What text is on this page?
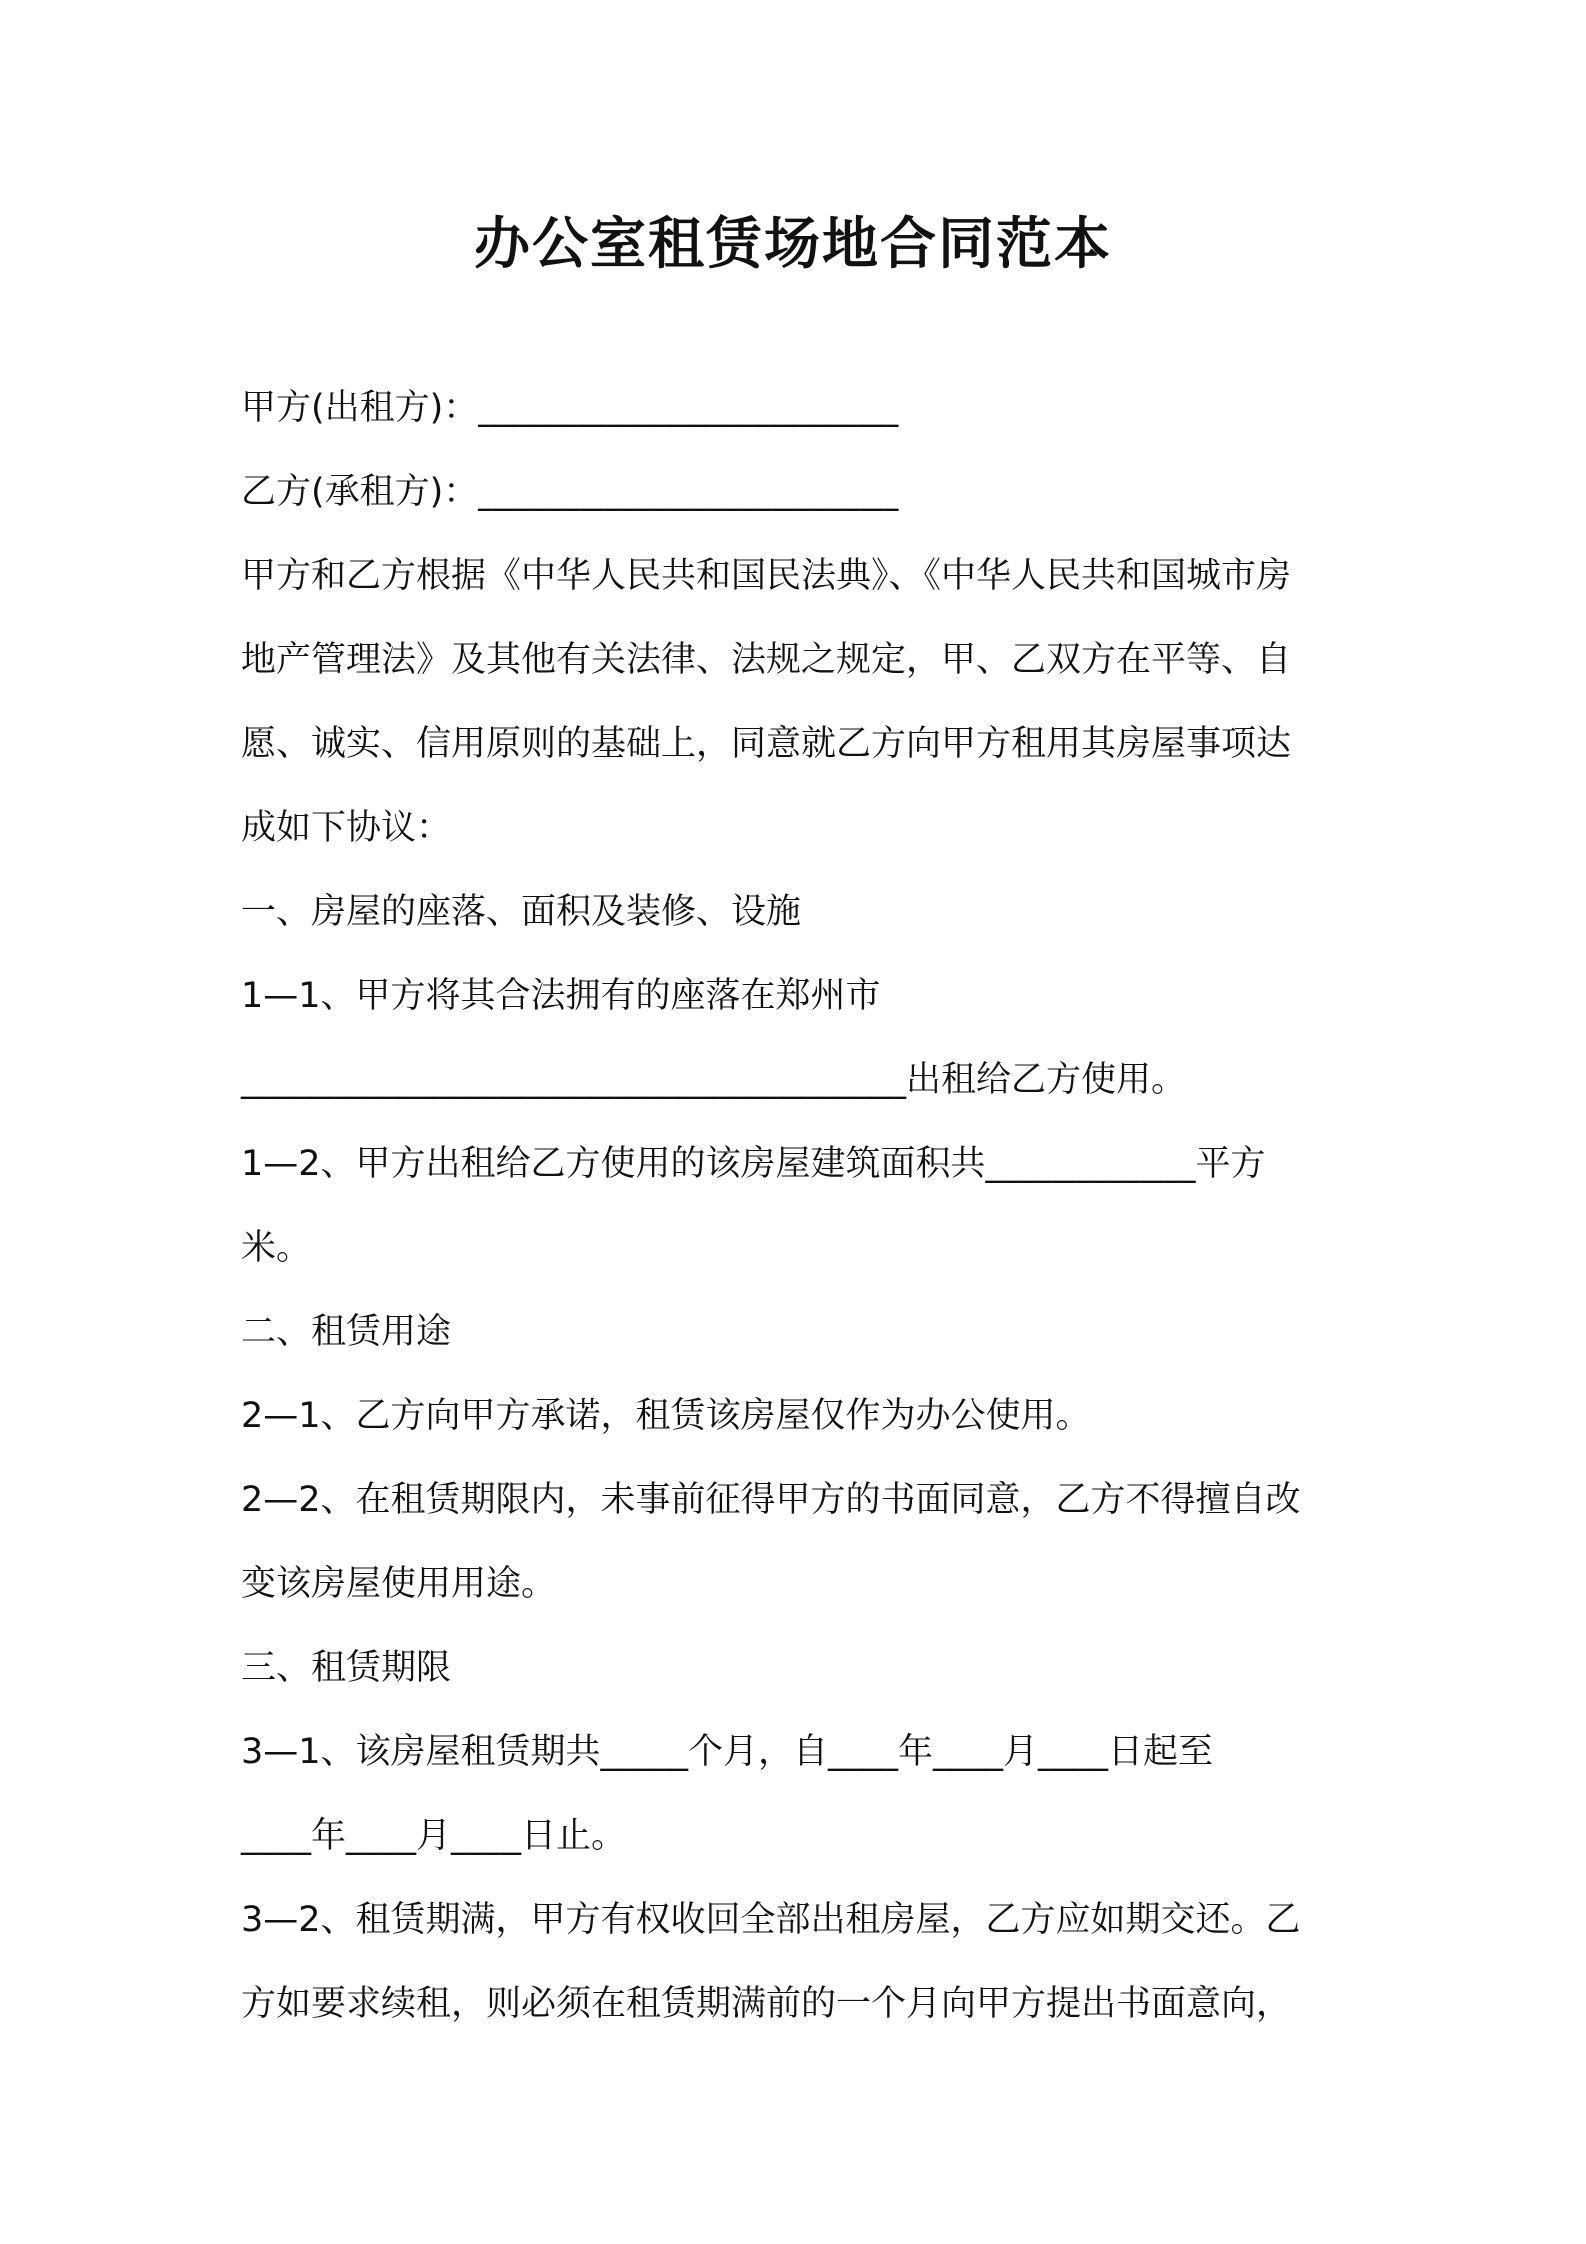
办公室租赁场地合同范本
甲方(出租方)：________________________
乙方(承租方)：________________________
甲方和乙方根据《中华人民共和国民法典》、《中华人民共和国城市房
地产管理法》及其他有关法律、法规之规定，甲、乙双方在平等、自
愿、诚实、信用原则的基础上，同意就乙方向甲方租用其房屋事项达
成如下协议：
一、房屋的座落、面积及装修、设施
1—1、甲方将其合法拥有的座落在郑州市
______________________________________出租给乙方使用。
1—2、甲方出租给乙方使用的该房屋建筑面积共____________平方
米。
二、租赁用途
2—1、乙方向甲方承诺，租赁该房屋仅作为办公使用。
2—2、在租赁期限内，未事前征得甲方的书面同意，乙方不得擅自改
变该房屋使用用途。
三、租赁期限
3—1、该房屋租赁期共_____个月，自____年____月____日起至
____年____月____日止。
3—2、租赁期满，甲方有权收回全部出租房屋，乙方应如期交还。乙
方如要求续租，则必须在租赁期满前的一个月向甲方提出书面意向，
